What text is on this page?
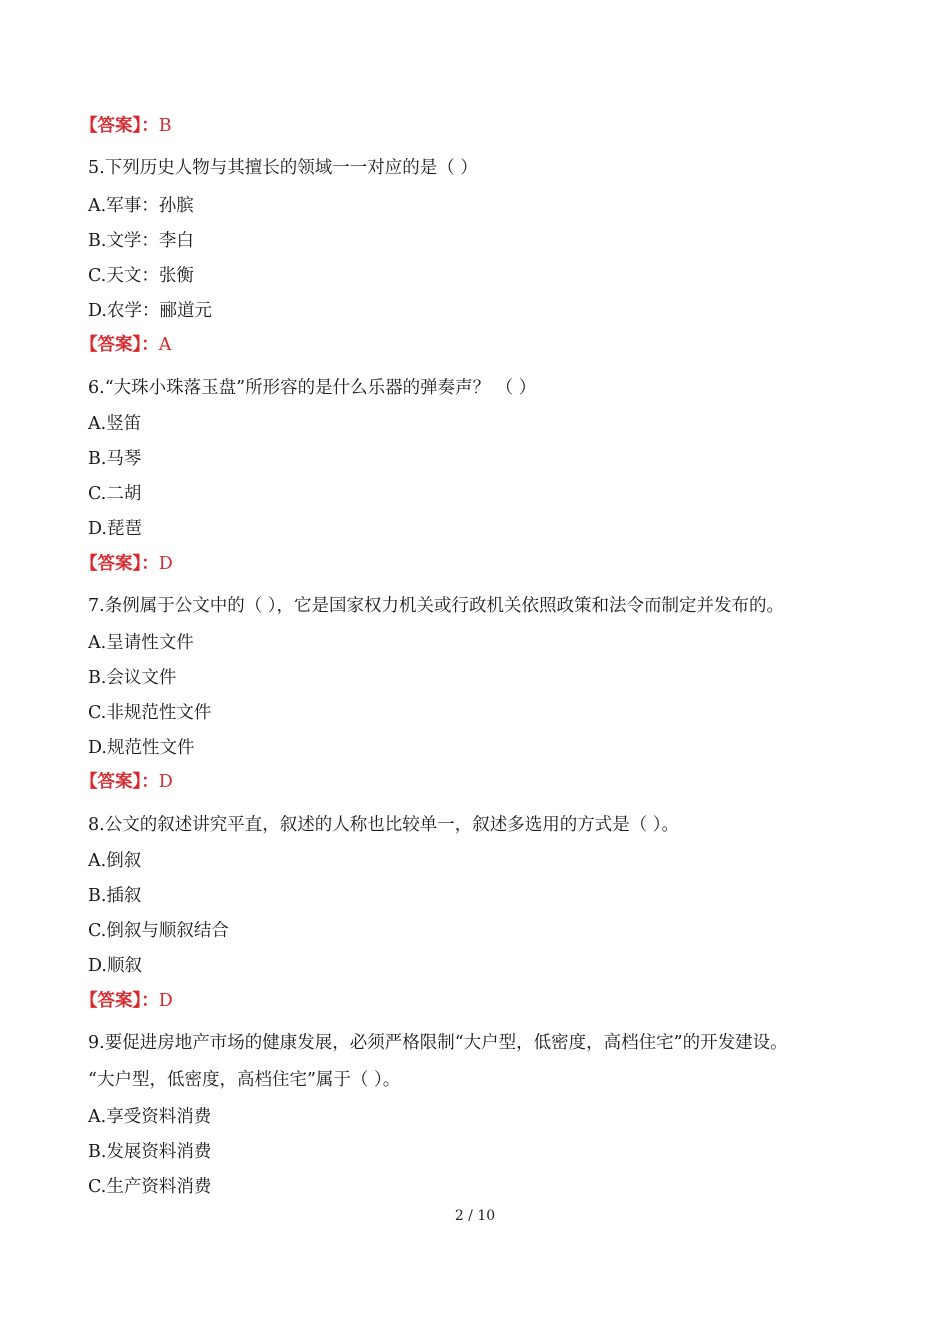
【答案】：B
5.下列历史人物与其擅长的领域一一对应的是（ ）
A.军事：孙膑
B.文学：李白
C.天文：张衡
D.农学：郦道元
【答案】：A
6.“大珠小珠落玉盘”所形容的是什么乐器的弹奏声？ （ ）
A.竖笛
B.马琴
C.二胡
D.琵琶
【答案】：D
7.条例属于公文中的（ ），它是国家权力机关或行政机关依照政策和法令而制定并发布的。
A.呈请性文件
B.会议文件
C.非规范性文件
D.规范性文件
【答案】：D
8.公文的叙述讲究平直，叙述的人称也比较单一，叙述多选用的方式是（ ）。
A.倒叙
B.插叙
C.倒叙与顺叙结合
D.顺叙
【答案】：D
9.要促进房地产市场的健康发展，必须严格限制“大户型，低密度，高档住宅”的开发建设。
“大户型，低密度，高档住宅”属于（ ）。
A.享受资料消费
B.发展资料消费
C.生产资料消费
2 / 10
